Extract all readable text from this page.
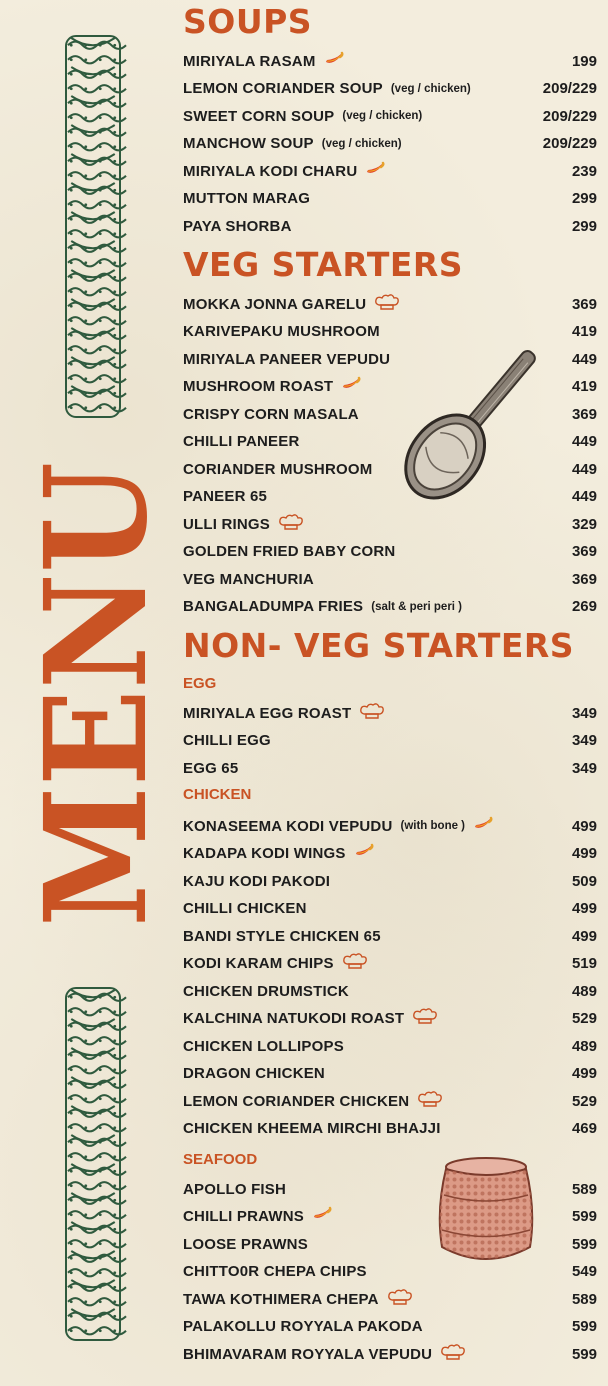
MENU
SOUPS
VEG STARTERS
NON- VEG STARTERS
EGG
CHICKEN
SEAFOOD
MIRIYALA RASAM	199
LEMON CORIANDER SOUP (veg / chicken)	209/229
SWEET CORN SOUP (veg / chicken)	209/229
MANCHOW SOUP (veg / chicken)	209/229
MIRIYALA KODI CHARU	239
MUTTON MARAG	299
PAYA SHORBA	299
MOKKA JONNA GARELU	369
KARIVEPAKU MUSHROOM	419
MIRIYALA PANEER VEPUDU	449
MUSHROOM ROAST	419
CRISPY CORN MASALA	369
CHILLI PANEER	449
CORIANDER MUSHROOM	449
PANEER 65	449
ULLI RINGS	329
GOLDEN FRIED BABY CORN	369
VEG MANCHURIA	369
BANGALADUMPA FRIES (salt & peri peri )	269
MIRIYALA EGG ROAST	349
CHILLI EGG	349
EGG 65	349
KONASEEMA KODI VEPUDU (with bone )	499
KADAPA KODI WINGS	499
KAJU KODI PAKODI	509
CHILLI CHICKEN	499
BANDI STYLE CHICKEN 65	499
KODI KARAM CHIPS	519
CHICKEN DRUMSTICK	489
KALCHINA NATUKODI ROAST	529
CHICKEN LOLLIPOPS	489
DRAGON CHICKEN	499
LEMON CORIANDER CHICKEN	529
CHICKEN KHEEMA MIRCHI BHAJJI	469
APOLLO FISH	589
CHILLI PRAWNS	599
LOOSE PRAWNS	599
CHITTO0R CHEPA CHIPS	549
TAWA KOTHIMERA CHEPA	589
PALAKOLLU ROYYALA PAKODA	599
BHIMAVARAM ROYYALA VEPUDU	599
